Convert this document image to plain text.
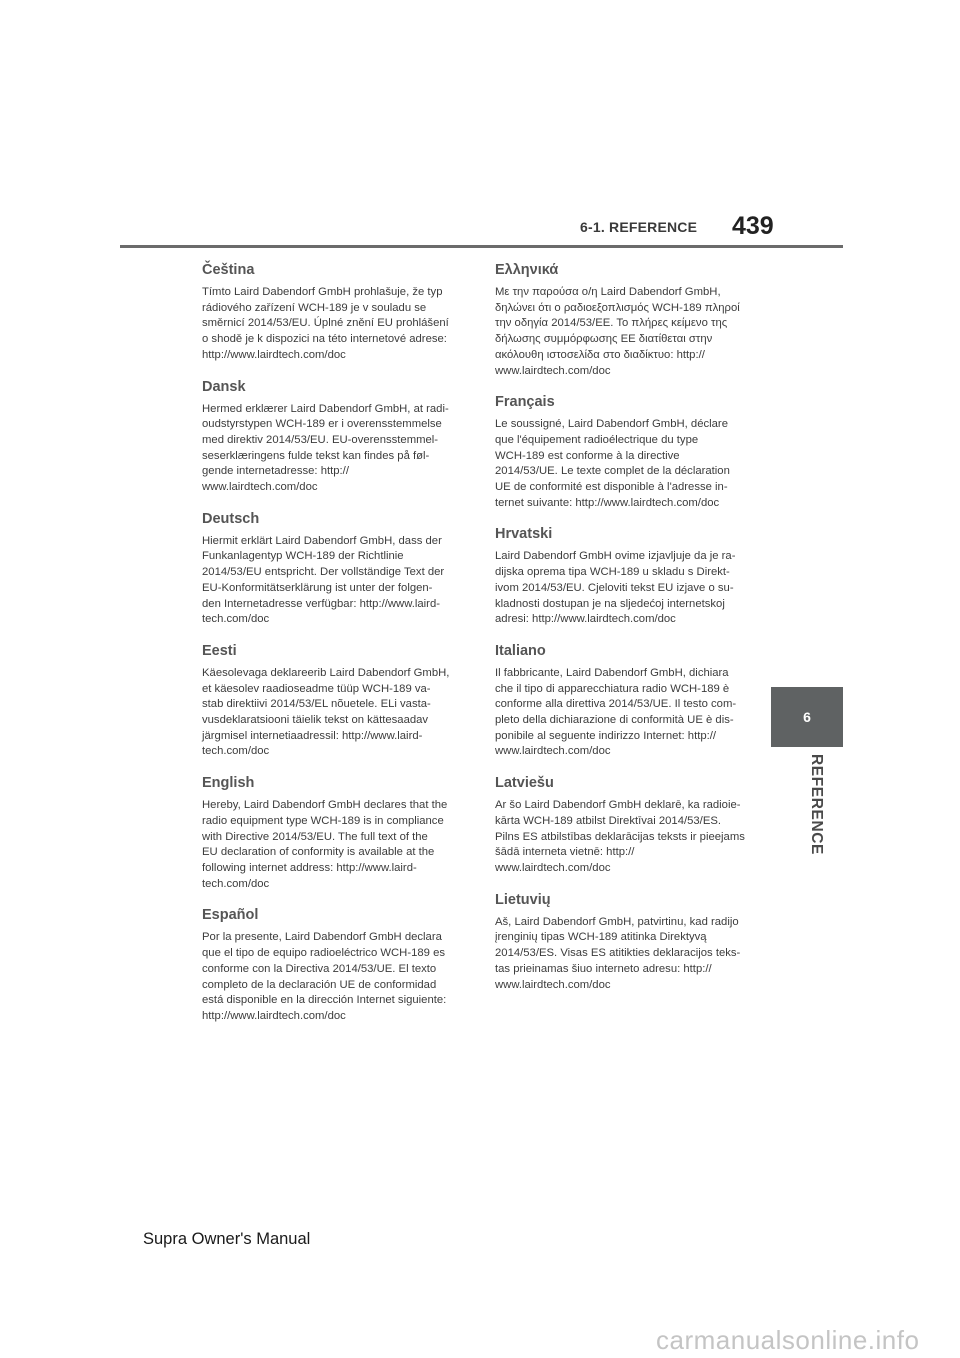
6-1. REFERENCE 439
Čeština

Tímto Laird Dabendorf GmbH prohlašuje, že typ
rádiového zařízení WCH-189 je v souladu se
směrnicí 2014/53/EU. Úplné znění EU prohlášení
o shodě je k dispozici na této internetové adrese:
http://www.lairdtech.com/doc

Dansk

Hermed erklærer Laird Dabendorf GmbH, at radi-
oudstyrstypen WCH-189 er i overensstemmelse
med direktiv 2014/53/EU. EU-overensstemmel-
seserklæringens fulde tekst kan findes på føl-
gende internetadresse: http://
www.lairdtech.com/doc

Deutsch

Hiermit erklärt Laird Dabendorf GmbH, dass der
Funkanlagentyp WCH-189 der Richtlinie
2014/53/EU entspricht. Der vollständige Text der
EU-Konformitätserklärung ist unter der folgen-
den Internetadresse verfügbar: http://www.laird-
tech.com/doc

Eesti

Käesolevaga deklareerib Laird Dabendorf GmbH,
et käesolev raadioseadme tüüp WCH-189 va-
stab direktiivi 2014/53/EL nõuetele. ELi vasta-
vusdeklaratsiooni täielik tekst on kättesaadav
järgmisel internetiaadressil: http://www.laird-
tech.com/doc

English

Hereby, Laird Dabendorf GmbH declares that the
radio equipment type WCH-189 is in compliance
with Directive 2014/53/EU. The full text of the
EU declaration of conformity is available at the
following internet address: http://www.laird-
tech.com/doc

Español

Por la presente, Laird Dabendorf GmbH declara
que el tipo de equipo radioeléctrico WCH-189 es
conforme con la Directiva 2014/53/UE. El texto
completo de la declaración UE de conformidad
está disponible en la dirección Internet siguiente:
http://www.lairdtech.com/doc

Ελληνικά

Με την παρούσα ο/η Laird Dabendorf GmbH,
δηλώνει ότι ο ραδιοεξοπλισμός WCH-189 πληροί
την οδηγία 2014/53/ΕΕ. Το πλήρες κείμενο της
δήλωσης συμμόρφωσης ΕΕ διατίθεται στην
ακόλουθη ιστοσελίδα στο διαδίκτυο: http://
www.lairdtech.com/doc

Français

Le soussigné, Laird Dabendorf GmbH, déclare
que l'équipement radioélectrique du type
WCH-189 est conforme à la directive
2014/53/UE. Le texte complet de la déclaration
UE de conformité est disponible à l'adresse in-
ternet suivante: http://www.lairdtech.com/doc

Hrvatski

Laird Dabendorf GmbH ovime izjavljuje da je ra-
dijska oprema tipa WCH-189 u skladu s Direkt-
ivom 2014/53/EU. Cjeloviti tekst EU izjave o su-
kladnosti dostupan je na sljedećoj internetskoj
adresi: http://www.lairdtech.com/doc

Italiano

Il fabbricante, Laird Dabendorf GmbH, dichiara
che il tipo di apparecchiatura radio WCH-189 è
conforme alla direttiva 2014/53/UE. Il testo com-
pleto della dichiarazione di conformità UE è dis-
ponibile al seguente indirizzo Internet: http://
www.lairdtech.com/doc

Latviešu

Ar šo Laird Dabendorf GmbH deklarē, ka radioie-
kārta WCH-189 atbilst Direktīvai 2014/53/ES.
Pilns ES atbilstības deklarācijas teksts ir pieejams
šādā interneta vietnē: http://
www.lairdtech.com/doc

Lietuvių

Aš, Laird Dabendorf GmbH, patvirtinu, kad radijo
įrenginių tipas WCH-189 atitinka Direktyvą
2014/53/ES. Visas ES atitikties deklaracijos teks-
tas prieinamas šiuo interneto adresu: http://
www.lairdtech.com/doc

6
REFERENCE
Supra Owner's Manual
carmanualsonline.info
